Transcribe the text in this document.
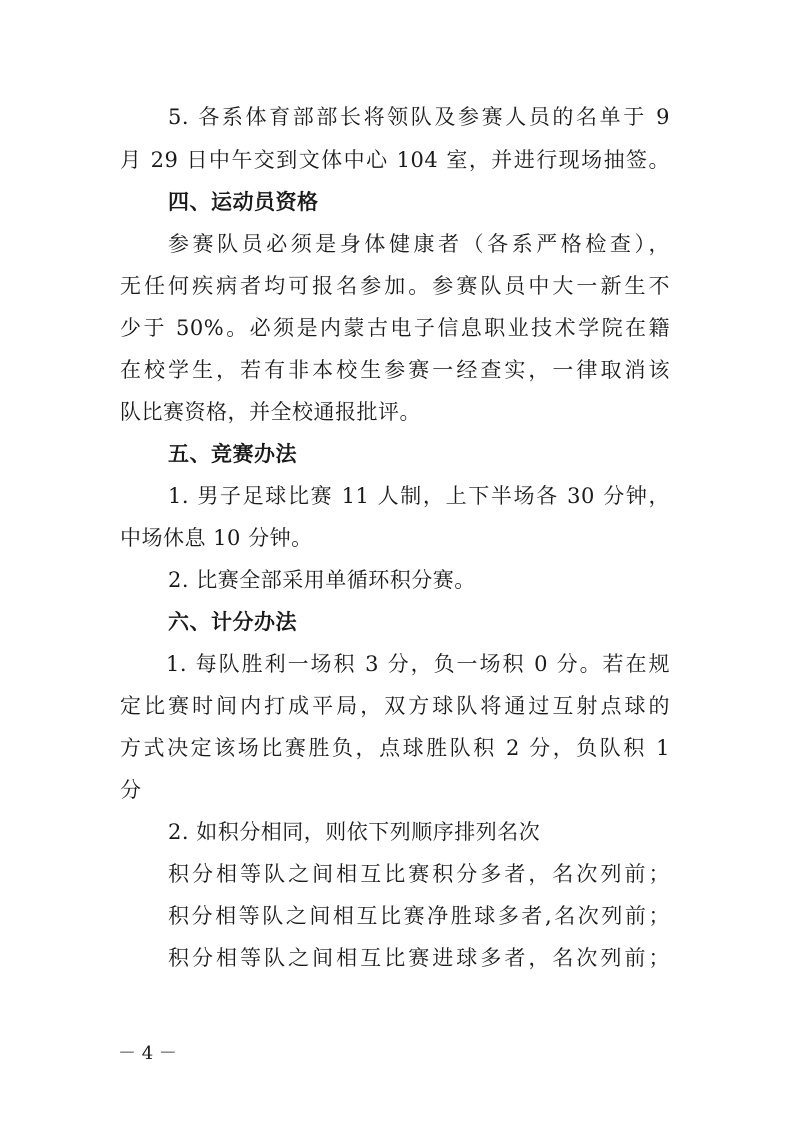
5. 各系体育部部长将领队及参赛人员的名单于 9
月 29 日中午交到文体中心 104 室，并进行现场抽签。
四、运动员资格
参赛队员必须是身体健康者（各系严格检查），
无任何疾病者均可报名参加。参赛队员中大一新生不
少于 50%。必须是内蒙古电子信息职业技术学院在籍
在校学生，若有非本校生参赛一经查实，一律取消该
队比赛资格，并全校通报批评。
五、竞赛办法
1. 男子足球比赛 11 人制，上下半场各 30 分钟，
中场休息 10 分钟。
2. 比赛全部采用单循环积分赛。
六、计分办法
1. 每队胜利一场积 3 分，负一场积 0 分。若在规
定比赛时间内打成平局，双方球队将通过互射点球的
方式决定该场比赛胜负，点球胜队积 2 分，负队积 1
分
2. 如积分相同，则依下列顺序排列名次
积分相等队之间相互比赛积分多者，名次列前；
积分相等队之间相互比赛净胜球多者,名次列前；
积分相等队之间相互比赛进球多者，名次列前；
－ 4 －
